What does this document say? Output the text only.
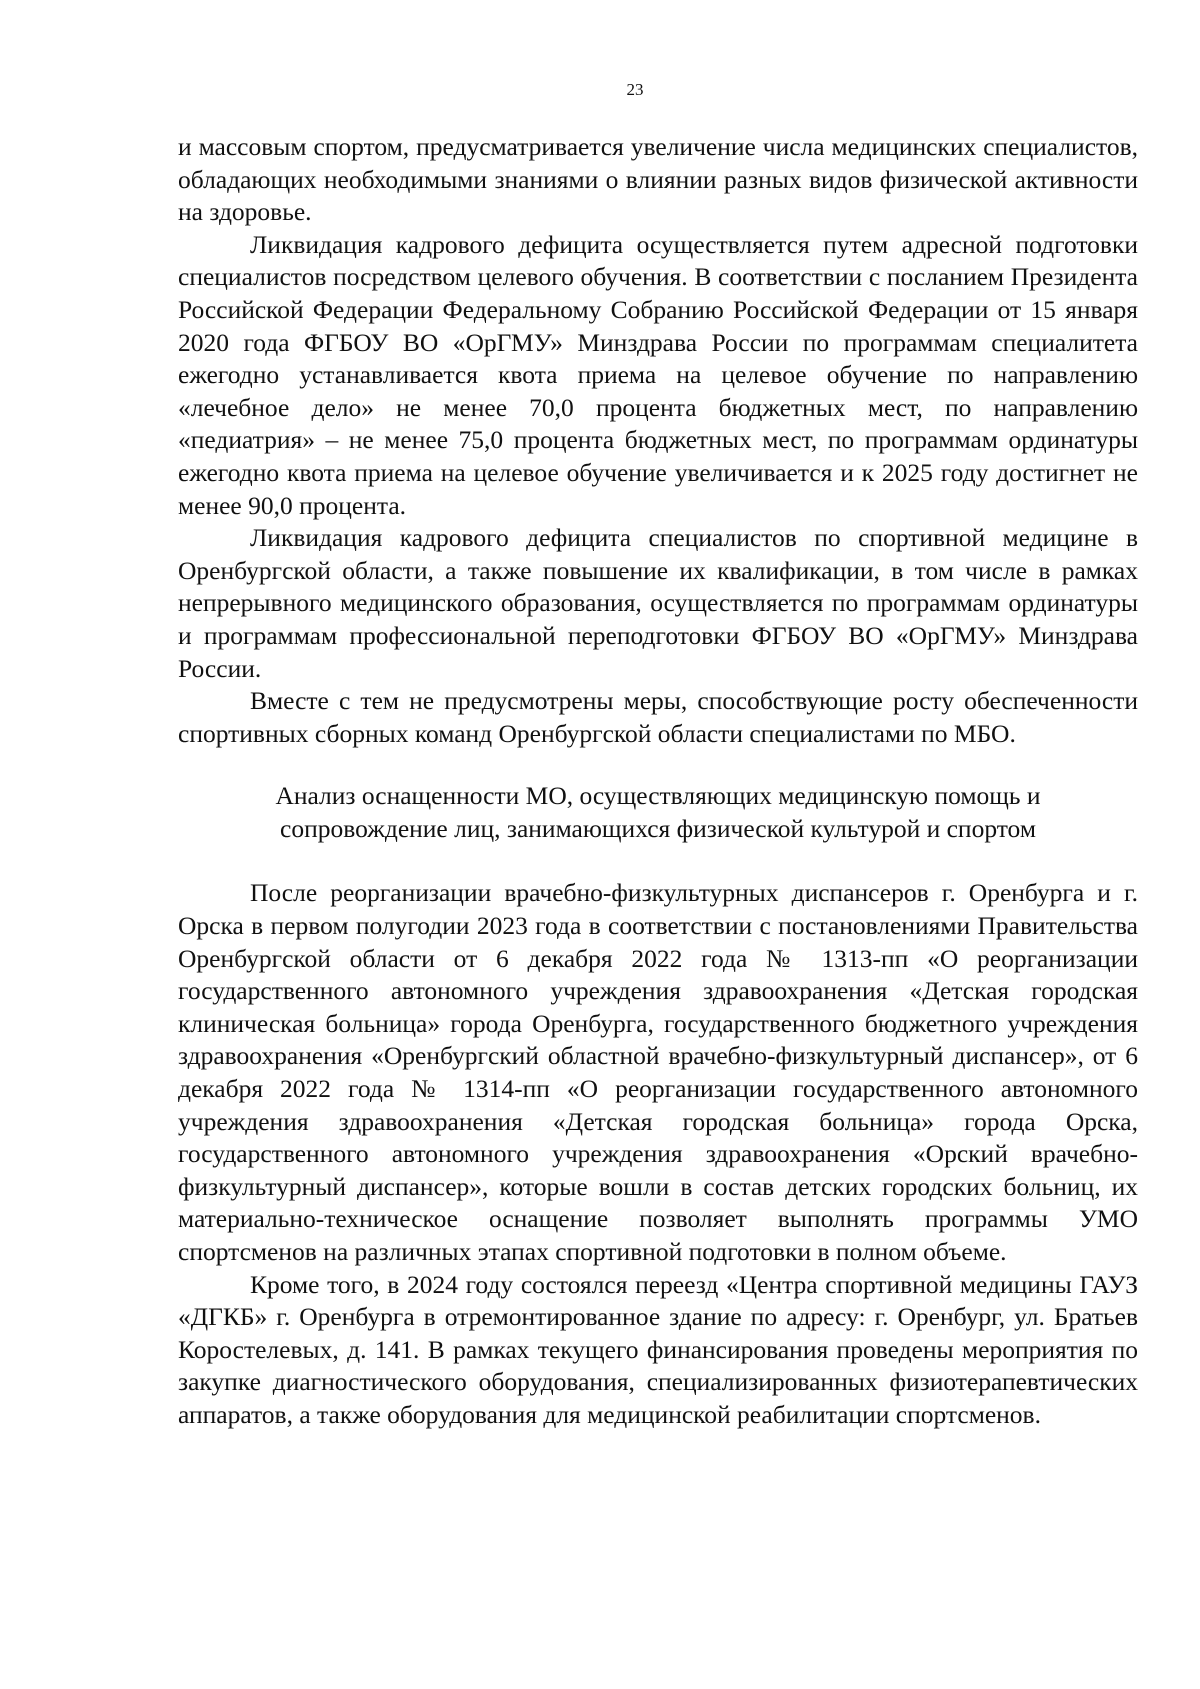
23

и массовым спортом, предусматривается увеличение числа медицинских специалистов, обладающих необходимыми знаниями о влиянии разных видов физической активности на здоровье.

Ликвидация кадрового дефицита осуществляется путем адресной подготовки специалистов посредством целевого обучения. В соответствии с посланием Президента Российской Федерации Федеральному Собранию Российской Федерации от 15 января 2020 года ФГБОУ ВО «ОрГМУ» Минздрава России по программам специалитета ежегодно устанавливается квота приема на целевое обучение по направлению «лечебное дело» не менее 70,0 процента бюджетных мест, по направлению «педиатрия» – не менее 75,0 процента бюджетных мест, по программам ординатуры ежегодно квота приема на целевое обучение увеличивается и к 2025 году достигнет не менее 90,0 процента.

Ликвидация кадрового дефицита специалистов по спортивной медицине в Оренбургской области, а также повышение их квалификации, в том числе в рамках непрерывного медицинского образования, осуществляется по программам ординатуры и программам профессиональной переподготовки ФГБОУ ВО «ОрГМУ» Минздрава России.

Вместе с тем не предусмотрены меры, способствующие росту обеспеченности спортивных сборных команд Оренбургской области специалистами по МБО.

Анализ оснащенности МО, осуществляющих медицинскую помощь и сопровождение лиц, занимающихся физической культурой и спортом

После реорганизации врачебно-физкультурных диспансеров г. Оренбурга и г. Орска в первом полугодии 2023 года в соответствии с постановлениями Правительства Оренбургской области от 6 декабря 2022 года № 1313-пп «О реорганизации государственного автономного учреждения здравоохранения «Детская городская клиническая больница» города Оренбурга, государственного бюджетного учреждения здравоохранения «Оренбургский областной врачебно-физкультурный диспансер», от 6 декабря 2022 года № 1314-пп «О реорганизации государственного автономного учреждения здравоохранения «Детская городская больница» города Орска, государственного автономного учреждения здравоохранения «Орский врачебно-физкультурный диспансер», которые вошли в состав детских городских больниц, их материально-техническое оснащение позволяет выполнять программы УМО спортсменов на различных этапах спортивной подготовки в полном объеме.

Кроме того, в 2024 году состоялся переезд «Центра спортивной медицины ГАУЗ «ДГКБ» г. Оренбурга в отремонтированное здание по адресу: г. Оренбург, ул. Братьев Коростелевых, д. 141. В рамках текущего финансирования проведены мероприятия по закупке диагностического оборудования, специализированных физиотерапевтических аппаратов, а также оборудования для медицинской реабилитации спортсменов.
